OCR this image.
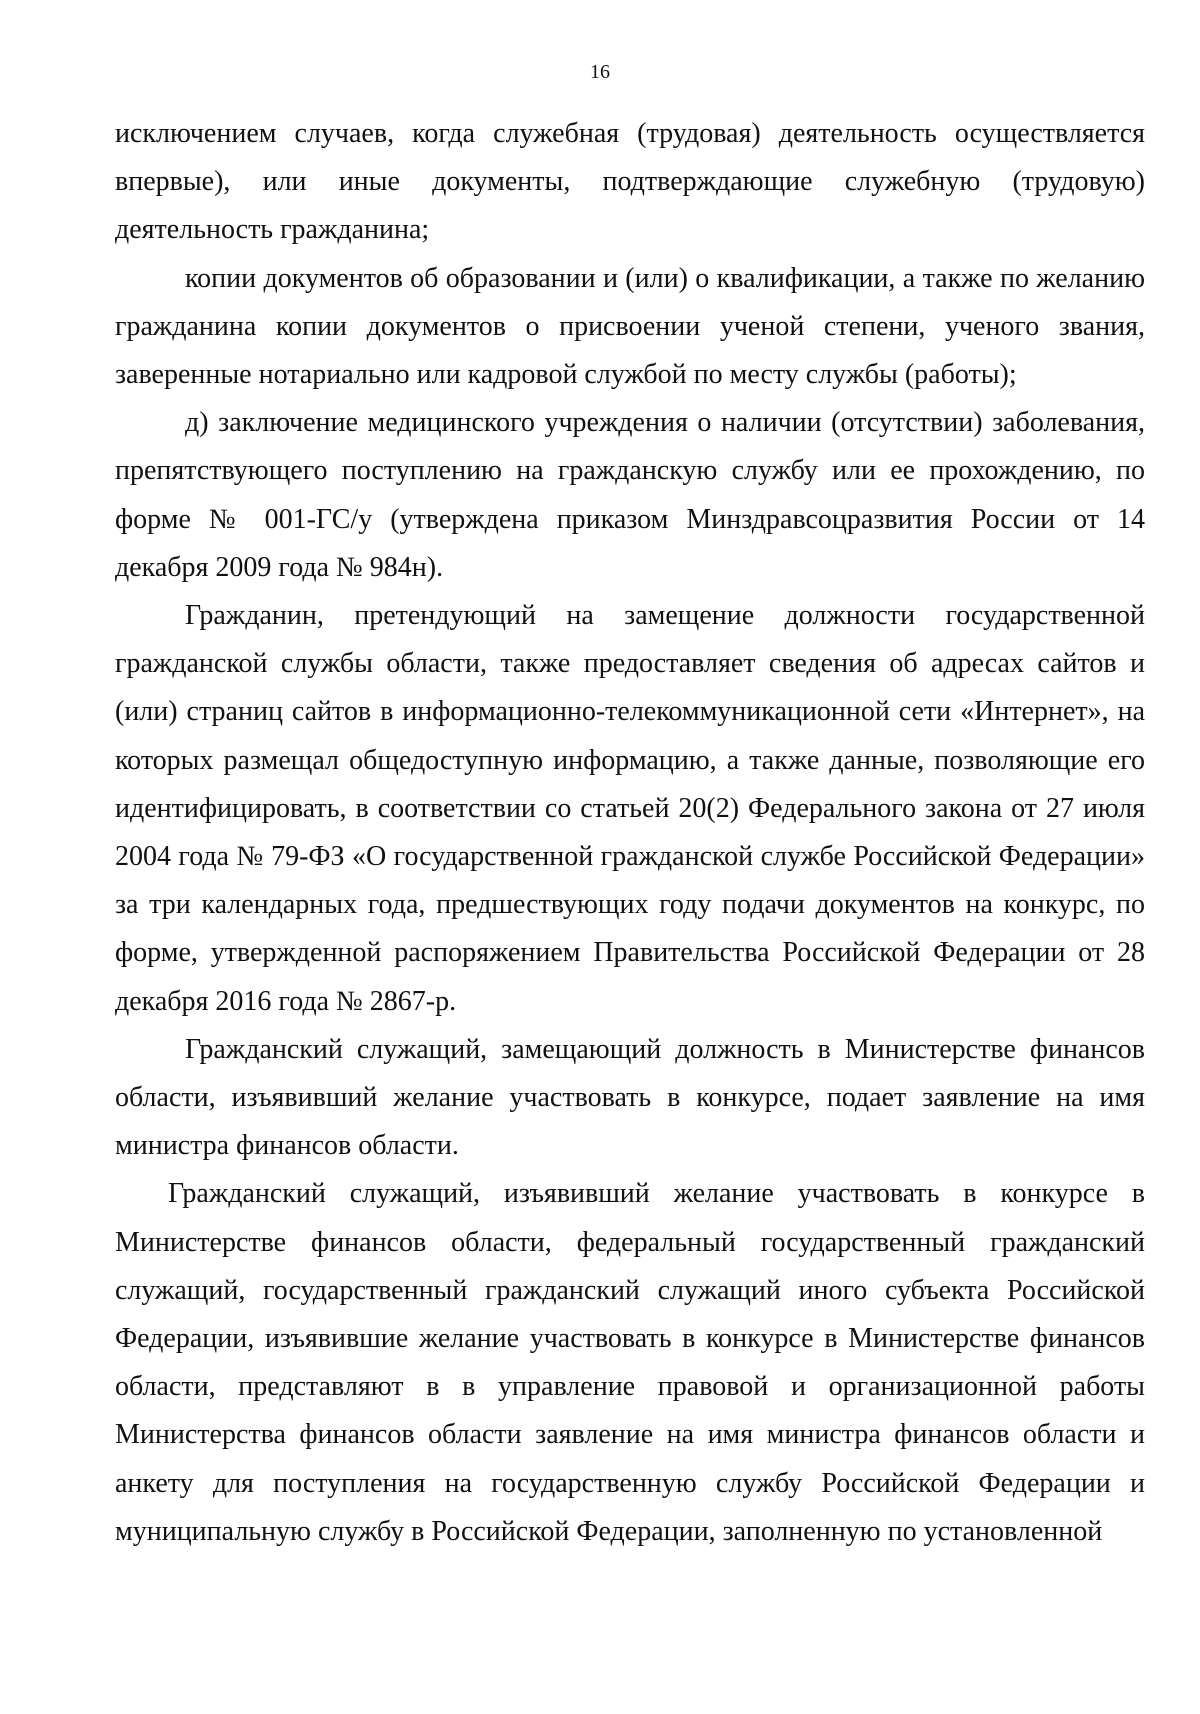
16

исключением случаев, когда служебная (трудовая) деятельность осуществляется впервые), или иные документы, подтверждающие служебную (трудовую) деятельность гражданина;

копии документов об образовании и (или) о квалификации, а также по желанию гражданина копии документов о присвоении ученой степени, ученого звания, заверенные нотариально или кадровой службой по месту службы (работы);

д) заключение медицинского учреждения о наличии (отсутствии) заболевания, препятствующего поступлению на гражданскую службу или ее прохождению, по форме № 001-ГС/у (утверждена приказом Минздравсоцразвития России от 14 декабря 2009 года № 984н).

Гражданин, претендующий на замещение должности государственной гражданской службы области, также предоставляет сведения об адресах сайтов и (или) страниц сайтов в информационно-телекоммуникационной сети «Интернет», на которых размещал общедоступную информацию, а также данные, позволяющие его идентифицировать, в соответствии со статьей 20(2) Федерального закона от 27 июля 2004 года № 79-ФЗ «О государственной гражданской службе Российской Федерации» за три календарных года, предшествующих году подачи документов на конкурс, по форме, утвержденной распоряжением Правительства Российской Федерации от 28 декабря 2016 года № 2867-р.

Гражданский служащий, замещающий должность в Министерстве финансов области, изъявивший желание участвовать в конкурсе, подает заявление на имя министра финансов области.

Гражданский служащий, изъявивший желание участвовать в конкурсе в Министерстве финансов области, федеральный государственный гражданский служащий, государственный гражданский служащий иного субъекта Российской Федерации, изъявившие желание участвовать в конкурсе в Министерстве финансов области, представляют в в управление правовой и организационной работы Министерства финансов области заявление на имя министра финансов области и анкету для поступления на государственную службу Российской Федерации и муниципальную службу в Российской Федерации, заполненную по установленной
